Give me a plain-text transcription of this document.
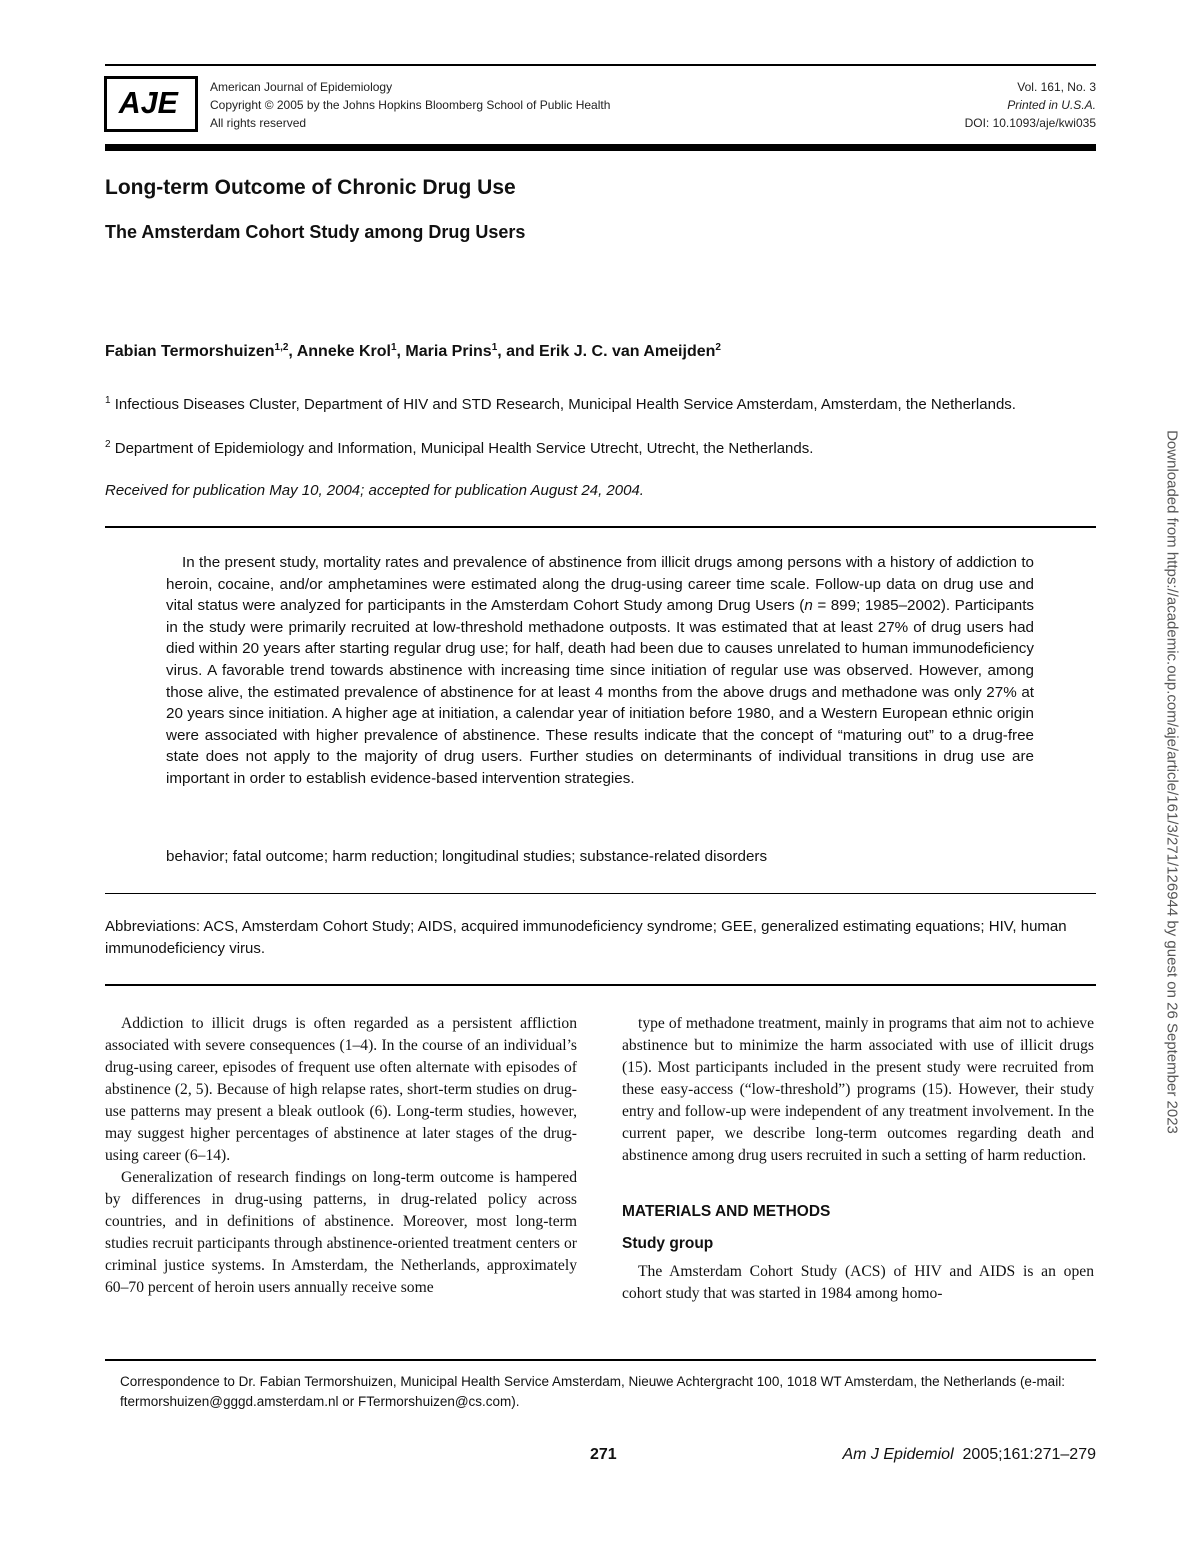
AJE	American Journal of Epidemiology
Copyright © 2005 by the Johns Hopkins Bloomberg School of Public Health
All rights reserved
Vol. 161, No. 3
Printed in U.S.A.
DOI: 10.1093/aje/kwi035
Long-term Outcome of Chronic Drug Use
The Amsterdam Cohort Study among Drug Users
Fabian Termorshuizen$^{1,2}$, Anneke Krol$^1$, Maria Prins$^1$, and Erik J. C. van Ameijden$^2$
$^1$ Infectious Diseases Cluster, Department of HIV and STD Research, Municipal Health Service Amsterdam, Amsterdam, the Netherlands.
$^2$ Department of Epidemiology and Information, Municipal Health Service Utrecht, Utrecht, the Netherlands.
Received for publication May 10, 2004; accepted for publication August 24, 2004.
In the present study, mortality rates and prevalence of abstinence from illicit drugs among persons with a history of addiction to heroin, cocaine, and/or amphetamines were estimated along the drug-using career time scale. Follow-up data on drug use and vital status were analyzed for participants in the Amsterdam Cohort Study among Drug Users (n = 899; 1985–2002). Participants in the study were primarily recruited at low-threshold methadone outposts. It was estimated that at least 27% of drug users had died within 20 years after starting regular drug use; for half, death had been due to causes unrelated to human immunodeficiency virus. A favorable trend towards abstinence with increasing time since initiation of regular use was observed. However, among those alive, the estimated prevalence of abstinence for at least 4 months from the above drugs and methadone was only 27% at 20 years since initiation. A higher age at initiation, a calendar year of initiation before 1980, and a Western European ethnic origin were associated with higher prevalence of abstinence. These results indicate that the concept of “maturing out” to a drug-free state does not apply to the majority of drug users. Further studies on determinants of individual transitions in drug use are important in order to establish evidence-based intervention strategies.
behavior; fatal outcome; harm reduction; longitudinal studies; substance-related disorders
Abbreviations: ACS, Amsterdam Cohort Study; AIDS, acquired immunodeficiency syndrome; GEE, generalized estimating equations; HIV, human immunodeficiency virus.

Addiction to illicit drugs is often regarded as a persistent affliction associated with severe consequences (1–4). In the course of an individual’s drug-using career, episodes of frequent use often alternate with episodes of abstinence (2, 5). Because of high relapse rates, short-term studies on drug-use patterns may present a bleak outlook (6). Long-term studies, however, may suggest higher percentages of abstinence at later stages of the drug-using career (6–14).

Generalization of research findings on long-term outcome is hampered by differences in drug-using patterns, in drug-related policy across countries, and in definitions of abstinence. Moreover, most long-term studies recruit participants through abstinence-oriented treatment centers or criminal justice systems. In Amsterdam, the Netherlands, approximately 60–70 percent of heroin users annually receive some

type of methadone treatment, mainly in programs that aim not to achieve abstinence but to minimize the harm associated with use of illicit drugs (15). Most participants included in the present study were recruited from these easy-access (“low-threshold”) programs (15). However, their study entry and follow-up were independent of any treatment involvement. In the current paper, we describe long-term outcomes regarding death and abstinence among drug users recruited in such a setting of harm reduction.

MATERIALS AND METHODS

Study group

The Amsterdam Cohort Study (ACS) of HIV and AIDS is an open cohort study that was started in 1984 among homo-

Correspondence to Dr. Fabian Termorshuizen, Municipal Health Service Amsterdam, Nieuwe Achtergracht 100, 1018 WT Amsterdam, the Netherlands (e-mail: ftermorshuizen@gggd.amsterdam.nl or FTermorshuizen@cs.com).
271	Am J Epidemiol 2005;161:271–279
Downloaded from https://academic.oup.com/aje/article/161/3/271/126944 by guest on 26 September 2023
